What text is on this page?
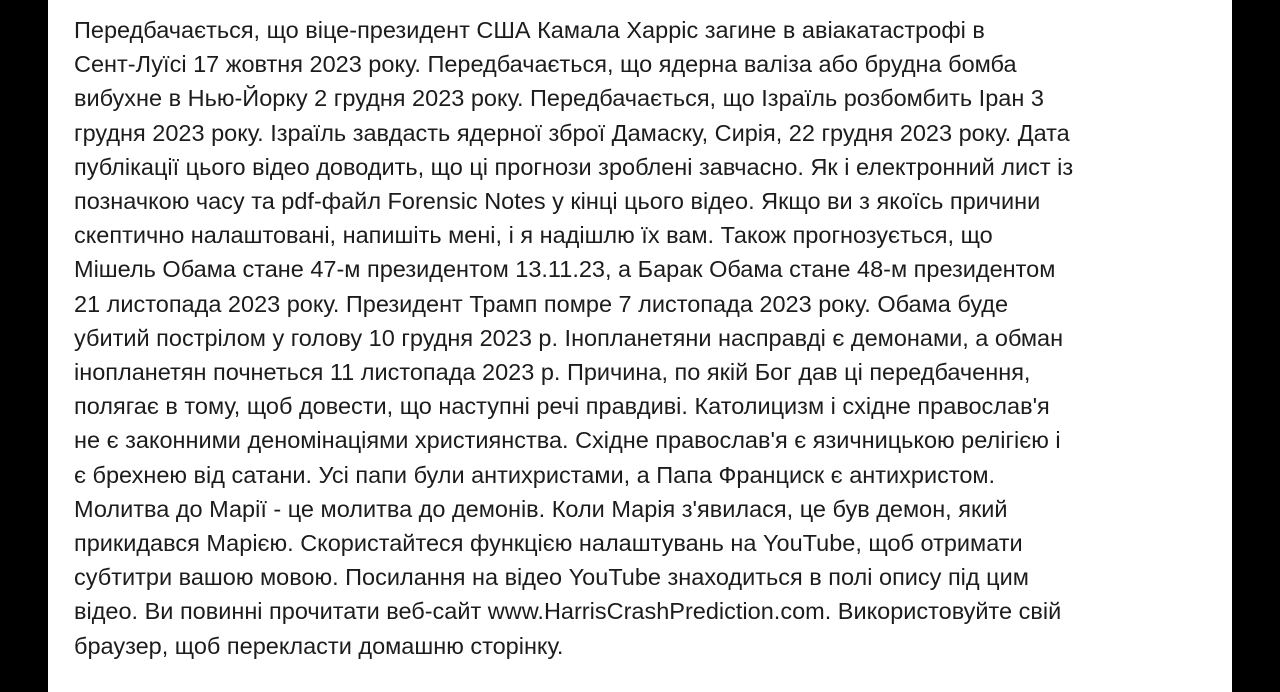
Передбачається, що віце-президент США Камала Харріс загине в авіакатастрофі в
Сент-Луїсі 17 жовтня 2023 року. Передбачається, що ядерна валіза або брудна бомба
вибухне в Нью-Йорку 2 грудня 2023 року. Передбачається, що Ізраїль розбомбить Іран 3
грудня 2023 року. Ізраїль завдасть ядерної зброї Дамаску, Сирія, 22 грудня 2023 року. Дата
публікації цього відео доводить, що ці прогнози зроблені завчасно. Як і електронний лист із
позначкою часу та pdf-файл Forensic Notes у кінці цього відео. Якщо ви з якоїсь причини
скептично налаштовані, напишіть мені, і я надішлю їх вам. Також прогнозується, що
Мішель Обама стане 47-м президентом 13.11.23, а Барак Обама стане 48-м президентом
21 листопада 2023 року. Президент Трамп помре 7 листопада 2023 року. Обама буде
убитий пострілом у голову 10 грудня 2023 р. Інопланетяни насправді є демонами, а обман
інопланетян почнеться 11 листопада 2023 р. Причина, по якій Бог дав ці передбачення,
полягає в тому, щоб довести, що наступні речі правдиві. Католицизм і східне православ'я
не є законними деномінаціями християнства. Східне православ'я є язичницькою релігією і
є брехнею від сатани. Усі папи були антихристами, а Папа Франциск є антихристом.
Молитва до Марії - це молитва до демонів. Коли Марія з'явилася, це був демон, який
прикидався Марією. Скористайтеся функцією налаштувань на YouTube, щоб отримати
субтитри вашою мовою. Посилання на відео YouTube знаходиться в полі опису під цим
відео. Ви повинні прочитати веб-сайт www.HarrisCrashPrediction.com. Використовуйте свій
браузер, щоб перекласти домашню сторінку.
